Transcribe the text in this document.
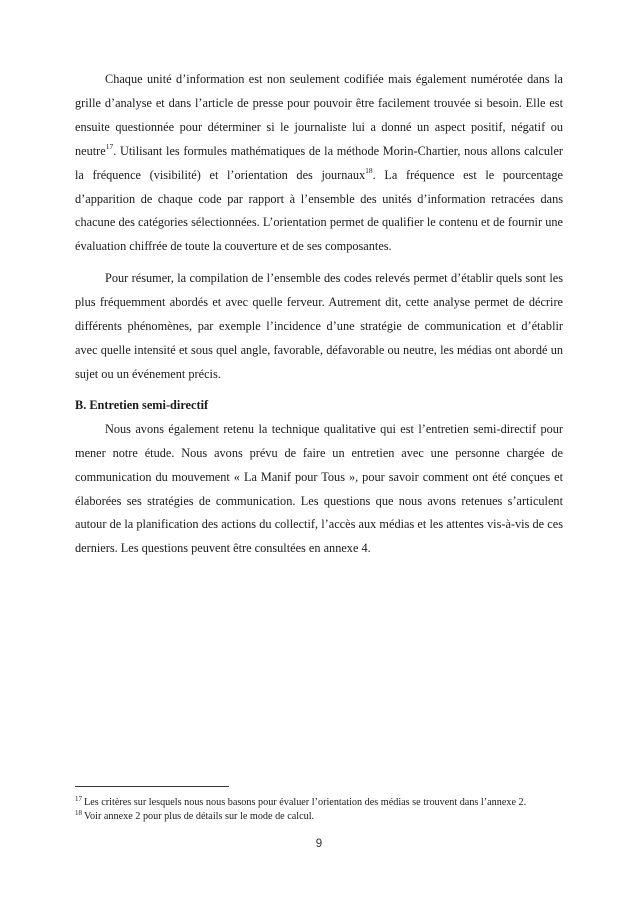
Chaque unité d’information est non seulement codifiée mais également numérotée dans la grille d’analyse et dans l’article de presse pour pouvoir être facilement trouvée si besoin. Elle est ensuite questionnée pour déterminer si le journaliste lui a donné un aspect positif, négatif ou neutre$^{17}$. Utilisant les formules mathématiques de la méthode Morin-Chartier, nous allons calculer la fréquence (visibilité) et l’orientation des journaux$^{18}$. La fréquence est le pourcentage d’apparition de chaque code par rapport à l’ensemble des unités d’information retracées dans chacune des catégories sélectionnées. L’orientation permet de qualifier le contenu et de fournir une évaluation chiffrée de toute la couverture et de ses composantes.

Pour résumer, la compilation de l’ensemble des codes relevés permet d’établir quels sont les plus fréquemment abordés et avec quelle ferveur. Autrement dit, cette analyse permet de décrire différents phénomènes, par exemple l’incidence d’une stratégie de communication et d’établir avec quelle intensité et sous quel angle, favorable, défavorable ou neutre, les médias ont abordé un sujet ou un événement précis.

B. Entretien semi-directif

Nous avons également retenu la technique qualitative qui est l’entretien semi-directif pour mener notre étude. Nous avons prévu de faire un entretien avec une personne chargée de communication du mouvement « La Manif pour Tous », pour savoir comment ont été conçues et élaborées ses stratégies de communication. Les questions que nous avons retenues s’articulent autour de la planification des actions du collectif, l’accès aux médias et les attentes vis-à-vis de ces derniers. Les questions peuvent être consultées en annexe 4.

$^{17}$ Les critères sur lesquels nous nous basons pour évaluer l’orientation des médias se trouvent dans l’annexe 2.

$^{18}$ Voir annexe 2 pour plus de détails sur le mode de calcul.

9
